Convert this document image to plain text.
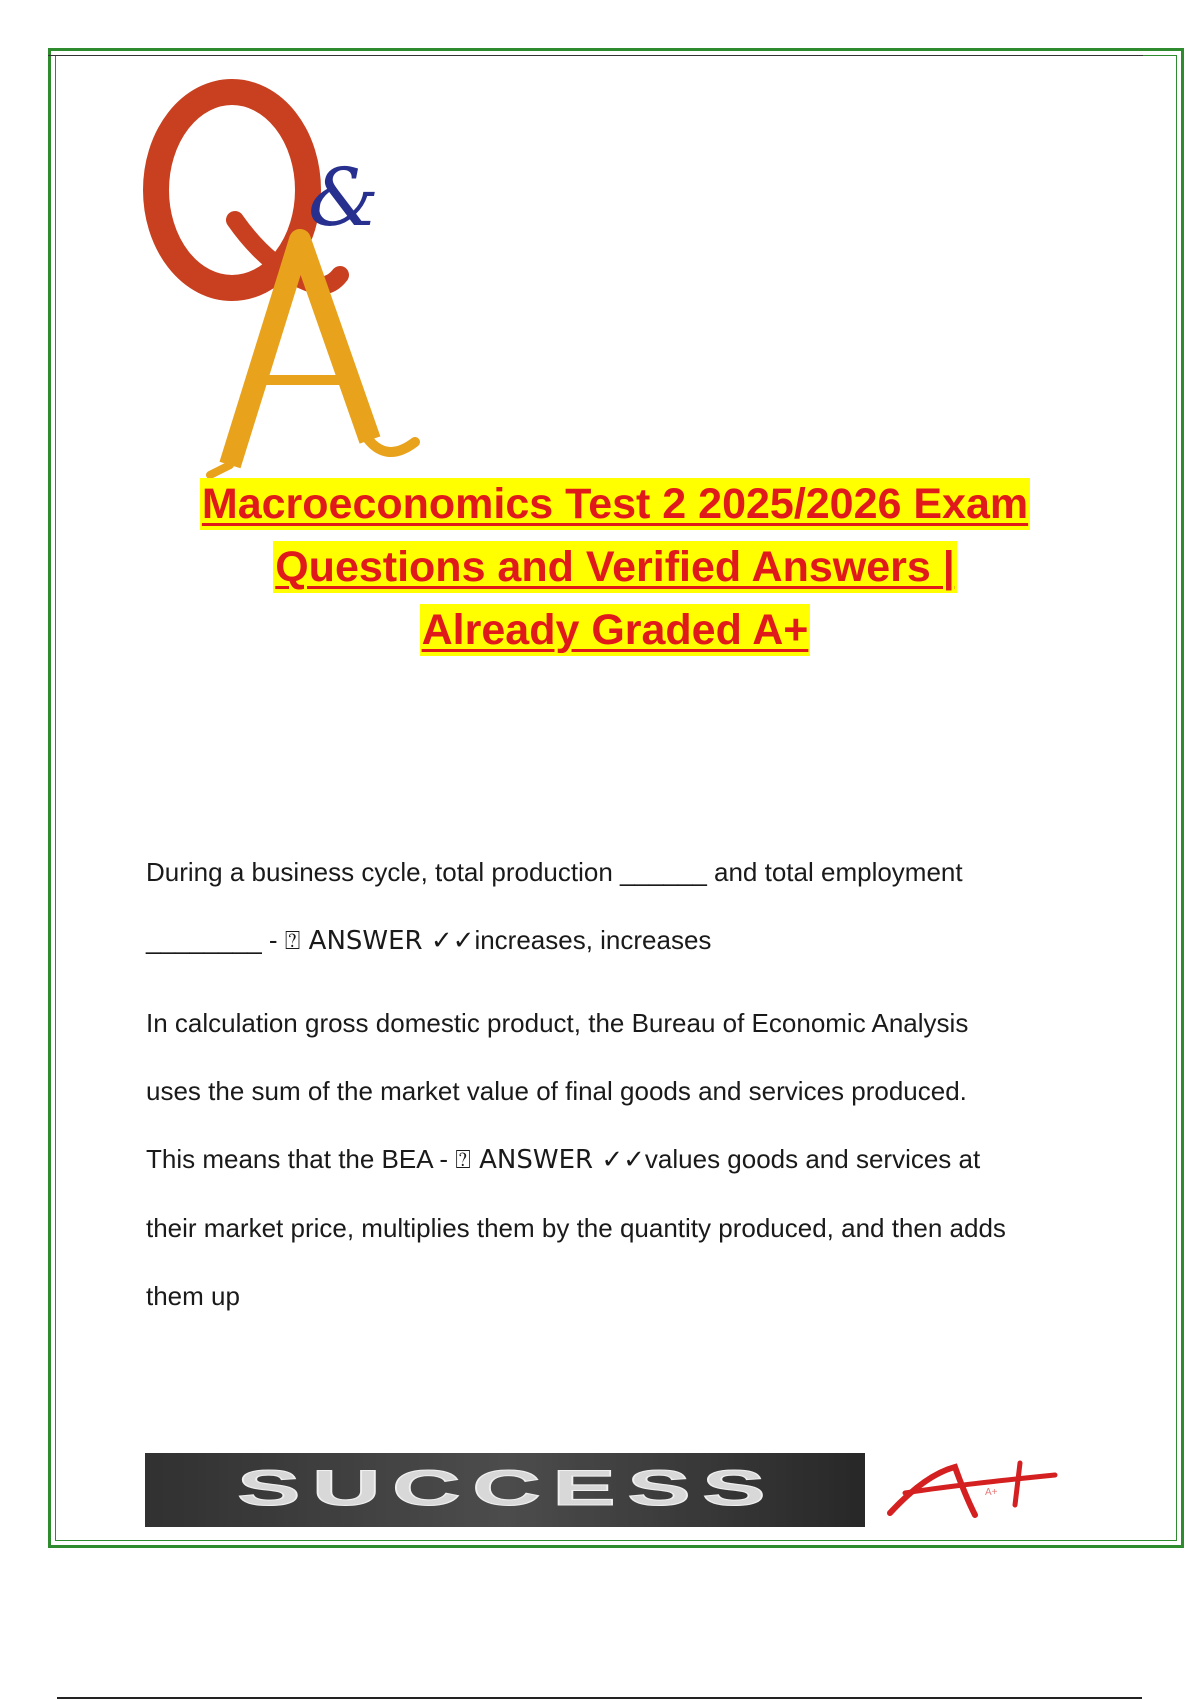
&
Macroeconomics Test 2 2025/2026 Exam
Questions and Verified Answers |
Already Graded A+
During a business cycle, total production ______ and total employment
________ - ⍰ ANSWER ✓✓increases, increases
In calculation gross domestic product, the Bureau of Economic Analysis
uses the sum of the market value of final goods and services produced.
This means that the BEA - ⍰ ANSWER ✓✓values goods and services at
their market price, multiplies them by the quantity produced, and then adds
them up
SUCCESS	A+
